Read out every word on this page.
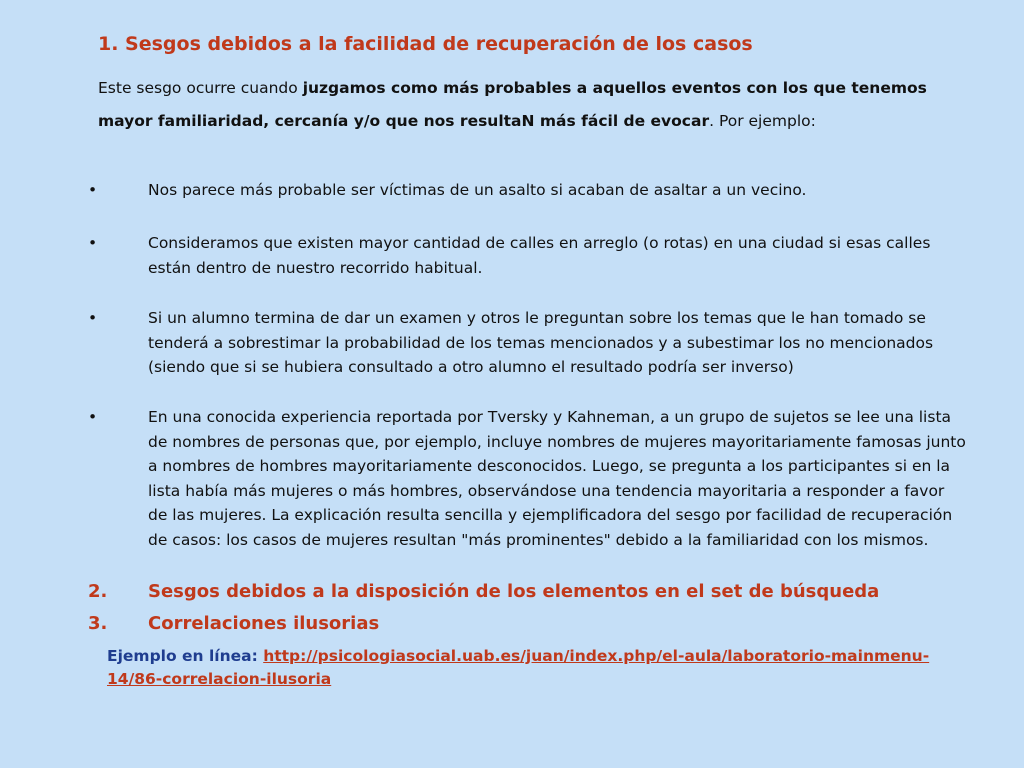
1. Sesgos debidos a la facilidad de recuperación de los casos
Este sesgo ocurre cuando juzgamos como más probables a aquellos eventos con los que tenemos mayor familiaridad, cercanía y/o que nos resultaN más fácil de evocar. Por ejemplo:
•	Nos parece más probable ser víctimas de un asalto si acaban de asaltar a un vecino.
•	Consideramos que existen mayor cantidad de calles en arreglo (o rotas) en una ciudad si esas calles están dentro de nuestro recorrido habitual.
•	Si un alumno termina de dar un examen y otros le preguntan sobre los temas que le han tomado se tenderá a sobrestimar la probabilidad de los temas mencionados y a subestimar los no mencionados (siendo que si se hubiera consultado a otro alumno el resultado podría ser inverso)
•	En una conocida experiencia reportada por Tversky y Kahneman, a un grupo de sujetos se lee una lista de nombres de personas que, por ejemplo, incluye nombres de mujeres mayoritariamente famosas junto a nombres de hombres mayoritariamente desconocidos. Luego, se pregunta a los participantes si en la lista había más mujeres o más hombres, observándose una tendencia mayoritaria a responder a favor de las mujeres. La explicación resulta sencilla y ejemplificadora del sesgo por facilidad de recuperación de casos: los casos de mujeres resultan "más prominentes" debido a la familiaridad con los mismos.
2. Sesgos debidos a la disposición de los elementos en el set de búsqueda
3. Correlaciones ilusorias
Ejemplo en línea: http://psicologiasocial.uab.es/juan/index.php/el-aula/laboratorio-mainmenu-14/86-correlacion-ilusoria
